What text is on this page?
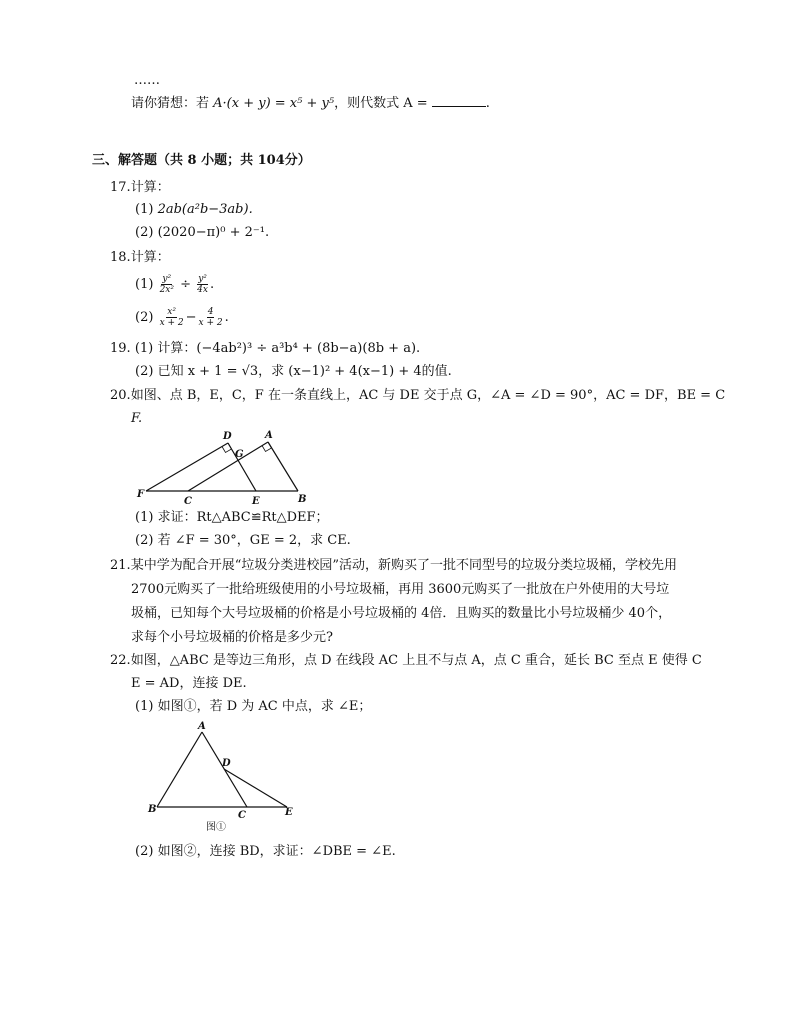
……
请你猜想：若 A·(x + y) = x⁵ + y⁵，则代数式 A =	.
三、解答题（共 8 小题；共 104分）
17.计算：
(1) 2ab(a²b−3ab).
(2) (2020−π)⁰ + 2⁻¹.
18.计算：
$(1) \frac{\text{y²}}{\text{2x²}} \div \frac{\text{y²}}{4x}$ .
$(2) \frac{\text{x²}}{x + 2} - \frac{4}{x + 2}$ .
19. (1) 计算：(−4ab²)³ ÷ a³b⁴ + (8b−a)(8b + a).
(2) 已知 x + 1 = √3，求 (x−1)² + 4(x−1) + 4的值.
20.如图、点 B，E，C，F 在一条直线上，AC 与 DE 交于点 G，∠A = ∠D = 90°，AC = DF，BE = C
F.
D	A
G
F
C	E	B
(1) 求证：Rt△ABC≌Rt△DEF；
(2) 若 ∠F = 30°，GE = 2，求 CE.
21.某中学为配合开展“垃圾分类进校园”活动，新购买了一批不同型号的垃圾分类垃圾桶，学校先用
2700元购买了一批给班级使用的小号垃圾桶，再用 3600元购买了一批放在户外使用的大号垃
圾桶，已知每个大号垃圾桶的价格是小号垃圾桶的 4倍．且购买的数量比小号垃圾桶少 40个，
求每个小号垃圾桶的价格是多少元?
22.如图，△ABC 是等边三角形，点 D 在线段 AC 上且不与点 A，点 C 重合，延长 BC 至点 E 使得 C
E = AD，连接 DE.
(1) 如图①，若 D 为 AC 中点，求 ∠E；
A
D
B
C	E
图①
(2) 如图②，连接 BD，求证：∠DBE = ∠E.
